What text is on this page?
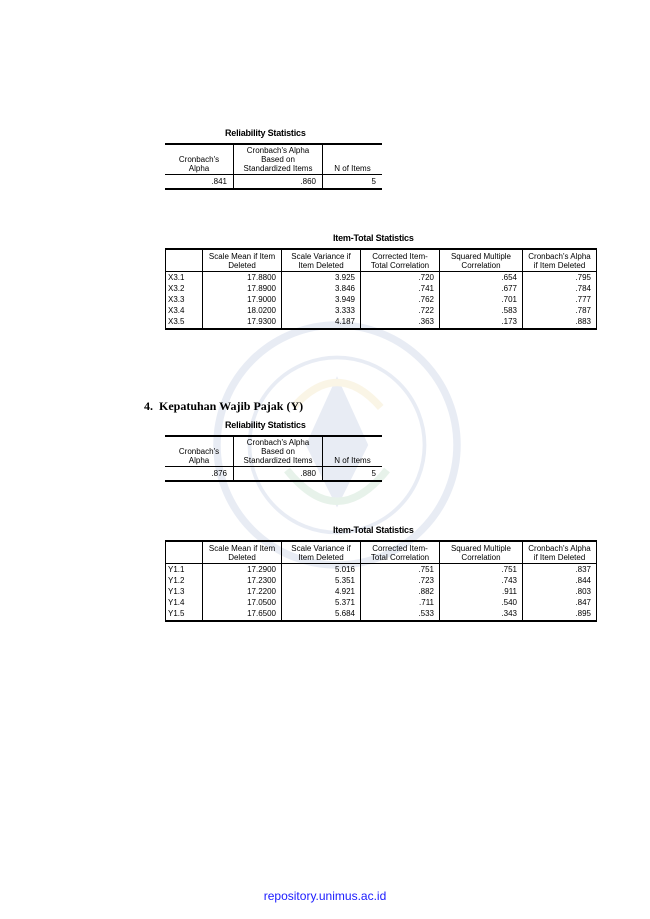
Reliability Statistics
Cronbach's Alpha	Cronbach's Alpha Based on Standardized Items	N of Items
.841	.860	5
Item-Total Statistics
	Scale Mean if Item Deleted	Scale Variance if Item Deleted	Corrected Item-Total Correlation	Squared Multiple Correlation	Cronbach's Alpha if Item Deleted
X3.1	17.8800	3.925	.720	.654	.795
X3.2	17.8900	3.846	.741	.677	.784
X3.3	17.9000	3.949	.762	.701	.777
X3.4	18.0200	3.333	.722	.583	.787
X3.5	17.9300	4.187	.363	.173	.883
4. Kepatuhan Wajib Pajak (Y)
Reliability Statistics
Cronbach's Alpha	Cronbach's Alpha Based on Standardized Items	N of Items
.876	.880	5
Item-Total Statistics
	Scale Mean if Item Deleted	Scale Variance if Item Deleted	Corrected Item-Total Correlation	Squared Multiple Correlation	Cronbach's Alpha if Item Deleted
Y1.1	17.2900	5.016	.751	.751	.837
Y1.2	17.2300	5.351	.723	.743	.844
Y1.3	17.2200	4.921	.882	.911	.803
Y1.4	17.0500	5.371	.711	.540	.847
Y1.5	17.6500	5.684	.533	.343	.895
repository.unimus.ac.id
